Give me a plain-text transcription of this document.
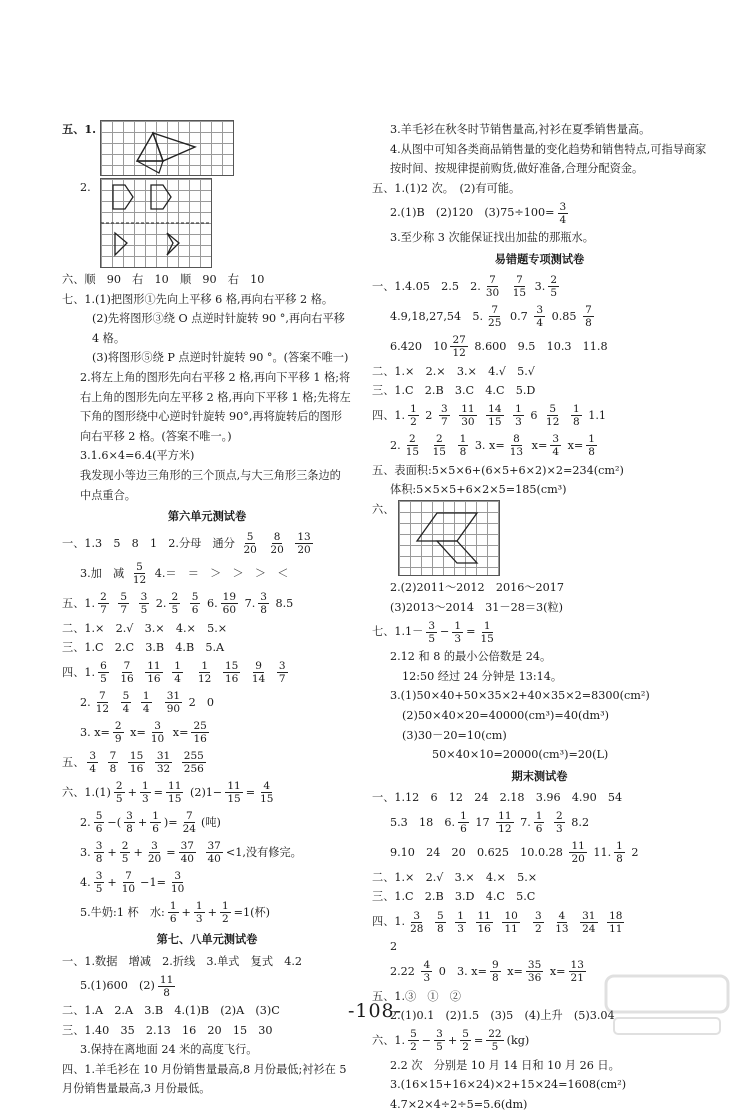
五、1.
2.
六、顺　90　右　10　顺　90　右　10
七、1.(1)把图形①先向上平移 6 格,再向右平移 2 格。
(2)先将图形③绕 O 点逆时针旋转 90 °,再向右平移 4 格。
(3)将图形⑤绕 P 点逆时针旋转 90 °。(答案不唯一)
2.将左上角的图形先向右平移 2 格,再向下平移 1 格;将右上角的图形先向左平移 2 格,再向下平移 1 格;先将左下角的图形绕中心逆时针旋转 90°,再将旋转后的图形向右平移 2 格。(答案不唯一。)
3.1.6×4=6.4(平方米)
我发现小等边三角形的三个顶点,与大三角形三条边的中点重合。
第六单元测试卷
一、1.3　5　8　1　2.分母　通分 $\frac{5}{20}$
$\frac{8}{20}$
$\frac{13}{20}$
3.加　减 $\frac{5}{12} 4.=$　＝　＞　＞　＞　＜
五、1. $\frac{2}{7}$
$\frac{5}{7}$
$\frac{3}{5} 2$. $\frac{2}{5}$
$\frac{5}{6} 6$. $\frac{19}{60} 7$. $\frac{3}{8} 8.5$
二、1.×　2.√　3.×　4.×　5.×
三、1.C　2.C　3.B　4.B　5.A
四、1. $\frac{6}{5}$
$\frac{7}{16}$
$\frac{11}{16}$
$\frac{1}{4}$
$\frac{1}{12}$
$\frac{15}{16}$
$\frac{9}{14}$
$\frac{3}{7}$
2. $\frac{7}{12}$
$\frac{5}{4}$
$\frac{1}{4}$
$\frac{31}{90} 2$　0
3. $x= \frac{2}{9} x= \frac{3}{10} x= \frac{25}{16}$
五、 $\frac{3}{4}$
$\frac{7}{8}$
$\frac{15}{16}$
$\frac{31}{32}$
$\frac{255}{256}$
六、$1.(1) \frac{2}{5} + \frac{1}{3} = \frac{11}{15} (2)1- \frac{11}{15} = \frac{4}{15}$
2. $\frac{5}{6}$ −( $\frac{3}{8} + \frac{1}{6}$ )= $\frac{7}{24}$ (吨)
3. $\frac{3}{8} + \frac{2}{5} + \frac{3}{20} = \frac{37}{40}$
$\frac{37}{40} <1$,没有修完。
4. $\frac{3}{5} + \frac{7}{10} -1= \frac{3}{10}$
5.牛奶:1 杯　水: $\frac{1}{6} + \frac{1}{3} + \frac{1}{2} =1$(杯)
第七、八单元测试卷
一、1.数据　增减　2.折线　3.单式　复式　4.2
5.(1)600　$(2) \frac{11}{8}$
二、1.A　2.A　3.B　4.(1)B　(2)A　(3)C
三、1.40　35　2.13　16　20　15　30
3.保持在离地面 24 米的高度飞行。
四、1.羊毛衫在 10 月份销售量最高,8 月份最低;衬衫在 5 月份销售量最高,3 月份最低。
3.羊毛衫在秋冬时节销售量高,衬衫在夏季销售量高。
4.从图中可知各类商品销售量的变化趋势和销售特点,可指导商家按时间、按规律提前购货,做好准备,合理分配资金。
五、1.(1)2 次。　(2)有可能。
2.(1)B　(2)120　$(3)75\div 100= \frac{3}{4}$
3.至少称 3 次能保证找出加盐的那瓶水。
易错题专项测试卷
一、1.4.05　2.5　2. $\frac{7}{30}$
$\frac{7}{15} 3$. $\frac{2}{5}$
4.9,18,27,54　5. $\frac{7}{25} 0.7 \frac{3}{4} 0.85 \frac{7}{8}$
6.420　$10 \frac{27}{12} 8.600$　9.5　10.3　11.8
二、1.×　2.×　3.×　4.√　5.√
三、1.C　2.B　3.C　4.C　5.D
四、1. $\frac{1}{2} 2 \frac{3}{7}$
$\frac{11}{30}$
$\frac{14}{15}$
$\frac{1}{3} 6 \frac{5}{12}$
$\frac{1}{8} 1.1$
2. $\frac{2}{15}$
$\frac{2}{15}$
$\frac{1}{8} 3$. $x= \frac{8}{13} x= \frac{3}{4} x= \frac{1}{8}$
五、表面积:5×5×6+(6×5+6×2)×2=234(cm²)
体积:5×5×5+6×2×5=185(cm³)
六、
2.(2)2011～2012　2016～2017
(3)2013～2014　31－28＝3(粒)
七、$1.1- \frac{3}{5} - \frac{1}{3} = \frac{1}{15}$
2.12 和 8 的最小公倍数是 24。
12:50 经过 24 分钟是 13:14。
3.(1)50×40+50×35×2+40×35×2=8300(cm²)
(2)50×40×20=40000(cm³)=40(dm³)
(3)30－20=10(cm)
50×40×10=20000(cm³)=20(L)
期末测试卷
一、1.12　6　12　24　2.18　3.96　4.90　54
5.3　18　6. $\frac{1}{6} 17 \frac{11}{12} 7$. $\frac{1}{6}$
$\frac{2}{3} 8.2$
9.10　24　20　0.625　$10.0.28 \frac{11}{20} 11$. $\frac{1}{8} 2$
二、1.×　2.√　3.×　4.×　5.×
三、1.C　2.B　3.D　4.C　5.C
四、1. $\frac{3}{28}$
$\frac{5}{8}$
$\frac{1}{3}$
$\frac{11}{16}$
$\frac{10}{11}$
$\frac{3}{2}$
$\frac{4}{13}$
$\frac{31}{24}$
$\frac{18}{11}$
2
$2.22 \frac{4}{3} 0$　3. $x= \frac{9}{8} x= \frac{35}{36} x= \frac{13}{21}$
五、1.③　①　②
2.(1)0.1　(2)1.5　(3)5　(4)上升　(5)3.04
六、1. $\frac{5}{2} - \frac{3}{5} + \frac{5}{2} = \frac{22}{5} (kg)$
2.2 次　分别是 10 月 14 日和 10 月 26 日。
3.(16×15+16×24)×2+15×24=1608(cm²)
4.7×2×4÷2÷5=5.6(dm)
-108-
